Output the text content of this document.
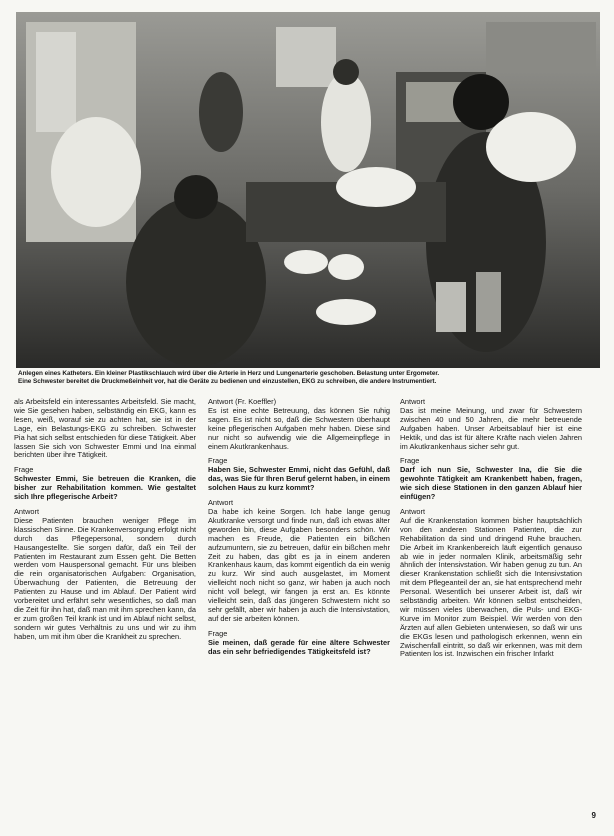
Anlegen eines Katheters. Ein kleiner Plastikschlauch wird über die Arterie in Herz und Lungenarterie geschoben. Belastung unter Ergometer.

Eine Schwester bereitet die Druckmeßeinheit vor, hat die Geräte zu bedienen und einzustellen, EKG zu schreiben, die andere Instrumentiert.

als Arbeitsfeld ein interessantes Arbeitsfeld. Sie macht, wie Sie gesehen haben, selbständig ein EKG, kann es lesen, weiß, worauf sie zu achten hat, sie ist in der Lage, ein Belastungs-EKG zu schreiben. Schwester Pia hat sich selbst entschieden für diese Tätigkeit. Aber lassen Sie sich von Schwester Emmi und Ina einmal berichten über ihre Tätigkeit.

Frage
Schwester Emmi, Sie betreuen die Kranken, die bisher zur Rehabilitation kommen. Wie gestaltet sich Ihre pflegerische Arbeit?
Antwort

Diese Patienten brauchen weniger Pflege im klassischen Sinne. Die Krankenversorgung erfolgt nicht durch das Pflegepersonal, sondern durch Hausangestellte. Sie sorgen dafür, daß ein Teil der Patienten im Restaurant zum Essen geht. Die Betten werden vom Hauspersonal gemacht. Für uns bleiben die rein organisatorischen Aufgaben: Organisation, Überwachung der Patienten, die Betreuung der Patienten zu Hause und im Ablauf. Der Patient wird vorbereitet und erfährt sehr wesentliches, so daß man die Zeit für ihn hat, daß man mit ihm sprechen kann, da er zum großen Teil krank ist und im Ablauf nicht selbst, sondern wir gutes Verhältnis zu uns und wir zu ihm haben, um mit ihm über die Krankheit zu sprechen.

Antwort (Fr. Koeffler)

Es ist eine echte Betreuung, das können Sie ruhig sagen. Es ist nicht so, daß die Schwestern überhaupt keine pflegerischen Aufgaben mehr haben. Diese sind nur nicht so aufwendig wie die Allgemeinpflege in einem Akutkrankenhaus.

Frage
Haben Sie, Schwester Emmi, nicht das Gefühl, daß das, was Sie für Ihren Beruf gelernt haben, in einem solchen Haus zu kurz kommt?
Antwort

Da habe ich keine Sorgen. Ich habe lange genug Akutkranke versorgt und finde nun, daß ich etwas älter geworden bin, diese Aufgaben besonders schön. Wir machen es Freude, die Patienten ein bißchen aufzumuntern, sie zu betreuen, dafür ein bißchen mehr Zeit zu haben, das gibt es ja in einem anderen Krankenhaus kaum, das kommt eigentlich da ein wenig zu kurz. Wir sind auch ausgelastet, im Moment vielleicht noch nicht so ganz, wir haben ja auch noch nicht voll belegt, wir fangen ja erst an. Es könnte vielleicht sein, daß das jüngeren Schwestern nicht so sehr gefällt, aber wir haben ja auch die Intensivstation, auf der sie arbeiten können.

Frage
Sie meinen, daß gerade für eine ältere Schwester das ein sehr befriedigendes Tätigkeitsfeld ist?
Antwort

Das ist meine Meinung, und zwar für Schwestern zwischen 40 und 50 Jahren, die mehr betreuende Aufgaben haben. Unser Arbeitsablauf hier ist eine Hektik, und das ist für ältere Kräfte nach vielen Jahren im Akutkrankenhaus sicher sehr gut.

Frage
Darf ich nun Sie, Schwester Ina, die Sie die gewohnte Tätigkeit am Krankenbett haben, fragen, wie sich diese Stationen in den ganzen Ablauf hier einfügen?
Antwort

Auf die Krankenstation kommen bisher hauptsächlich von den anderen Stationen Patienten, die zur Rehabilitation da sind und dringend Ruhe brauchen. Die Arbeit im Krankenbereich läuft eigentlich genauso ab wie in jeder normalen Klinik, arbeitsmäßig sehr ähnlich der Intensivstation. Wir haben genug zu tun. An dieser Krankenstation schließt sich die Intensivstation mit dem Pflegeanteil der an, sie hat entsprechend mehr Personal. Wesentlich bei unserer Arbeit ist, daß wir selbständig arbeiten. Wir können selbst entscheiden, wir müssen vieles überwachen, die Puls- und EKG-Kurve im Monitor zum Beispiel. Wir werden von den Ärzten auf allen Gebieten unterwiesen, so daß wir uns die EKGs lesen und pathologisch erkennen, wenn ein Zwischenfall eintritt, so daß wir erkennen, was mit dem Patienten los ist. Inzwischen ein frischer Infarkt

9
